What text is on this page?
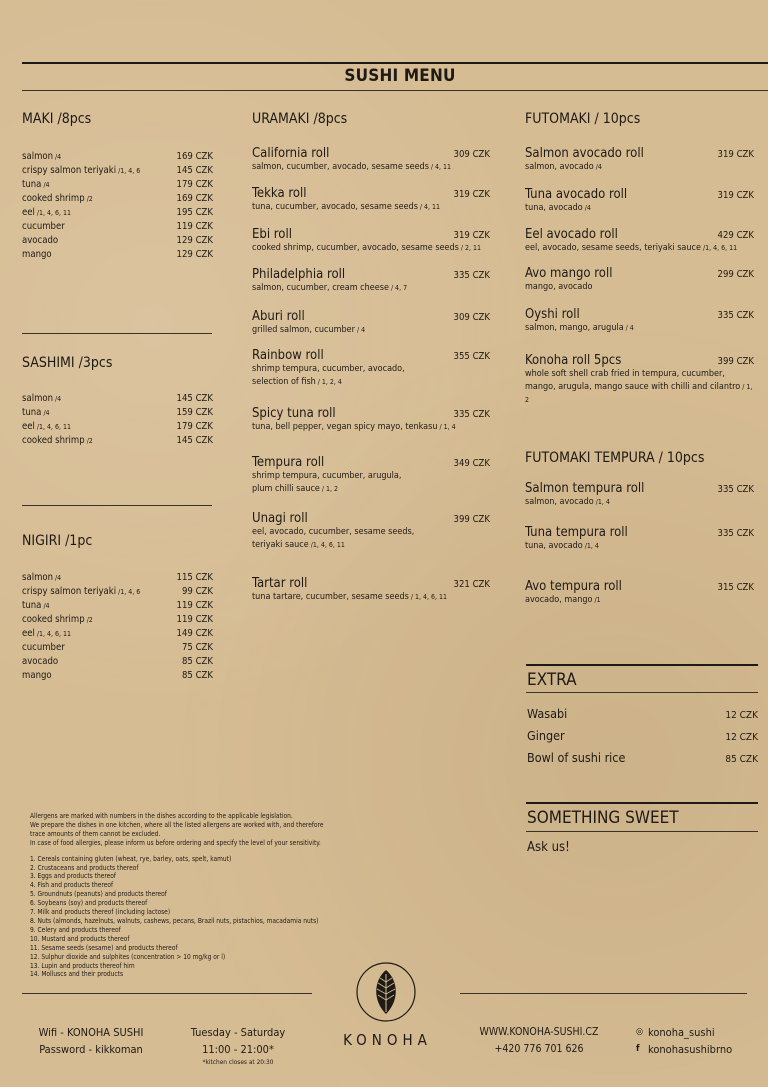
SUSHI MENU
MAKI /8pcs
salmon /4	169 CZK
crispy salmon teriyaki /1, 4, 6	145 CZK
tuna /4	179 CZK
cooked shrimp /2	169 CZK
eel /1, 4, 6, 11	195 CZK
cucumber	119 CZK
avocado	129 CZK
mango	129 CZK
SASHIMI /3pcs
salmon /4	145 CZK
tuna /4	159 CZK
eel /1, 4, 6, 11	179 CZK
cooked shrimp /2	145 CZK
NIGIRI /1pc
salmon /4	115 CZK
crispy salmon teriyaki /1, 4, 6	99 CZK
tuna /4	119 CZK
cooked shrimp /2	119 CZK
eel /1, 4, 6, 11	149 CZK
cucumber	75 CZK
avocado	85 CZK
mango	85 CZK
URAMAKI /8pcs
California roll	309 CZK
salmon, cucumber, avocado, sesame seeds / 4, 11
Tekka roll	319 CZK
tuna, cucumber, avocado, sesame seeds / 4, 11
Ebi roll	319 CZK
cooked shrimp, cucumber, avocado, sesame seeds / 2, 11
Philadelphia roll	335 CZK
salmon, cucumber, cream cheese / 4, 7
Aburi roll	309 CZK
grilled salmon, cucumber / 4
Rainbow roll	355 CZK
shrimp tempura, cucumber, avocado,
selection of fish / 1, 2, 4
Spicy tuna roll	335 CZK
tuna, bell pepper, vegan spicy mayo, tenkasu / 1, 4
Tempura roll	349 CZK
shrimp tempura, cucumber, arugula,
plum chilli sauce / 1, 2
Unagi roll	399 CZK
eel, avocado, cucumber, sesame seeds,
teriyaki sauce /1, 4, 6, 11
Tartar roll	321 CZK
tuna tartare, cucumber, sesame seeds / 1, 4, 6, 11
FUTOMAKI / 10pcs
Salmon avocado roll	319 CZK
salmon, avocado /4
Tuna avocado roll	319 CZK
tuna, avocado /4
Eel avocado roll	429 CZK
eel, avocado, sesame seeds, teriyaki sauce /1, 4, 6, 11
Avo mango roll	299 CZK
mango, avocado
Oyshi roll	335 CZK
salmon, mango, arugula / 4
Konoha roll 5pcs	399 CZK
whole soft shell crab fried in tempura, cucumber,
mango, arugula, mango sauce with chilli and cilantro / 1, 2
FUTOMAKI TEMPURA / 10pcs
Salmon tempura roll	335 CZK
salmon, avocado /1, 4
Tuna tempura roll	335 CZK
tuna, avocado /1, 4
Avo tempura roll	315 CZK
avocado, mango /1
EXTRA
Wasabi	12 CZK
Ginger	12 CZK
Bowl of sushi rice	85 CZK
SOMETHING SWEET
Ask us!
Allergens are marked with numbers in the dishes according to the applicable legislation.
We prepare the dishes in one kitchen, where all the listed allergens are worked with, and therefore
trace amounts of them cannot be excluded.
In case of food allergies, please inform us before ordering and specify the level of your sensitivity.
1. Cereals containing gluten (wheat, rye, barley, oats, spelt, kamut)
2. Crustaceans and products thereof
3. Eggs and products thereof
4. Fish and products thereof
5. Groundnuts (peanuts) and products thereof
6. Soybeans (soy) and products thereof
7. Milk and products thereof (including lactose)
8. Nuts (almonds, hazelnuts, walnuts, cashews, pecans, Brazil nuts, pistachios, macadamia nuts)
9. Celery and products thereof
10. Mustard and products thereof
11. Sesame seeds (sesame) and products thereof
12. Sulphur dioxide and sulphites (concentration > 10 mg/kg or l)
13. Lupin and products thereof him
14. Molluscs and their products
KONOHA
Wifi - KONOHA SUSHI
Password - kikkoman
Tuesday - Saturday
11:00 - 21:00*
*kitchen closes at 20:30
WWW.KONOHA-SUSHI.CZ
+420 776 701 626
◎ konoha_sushi
f konohasushibrno
